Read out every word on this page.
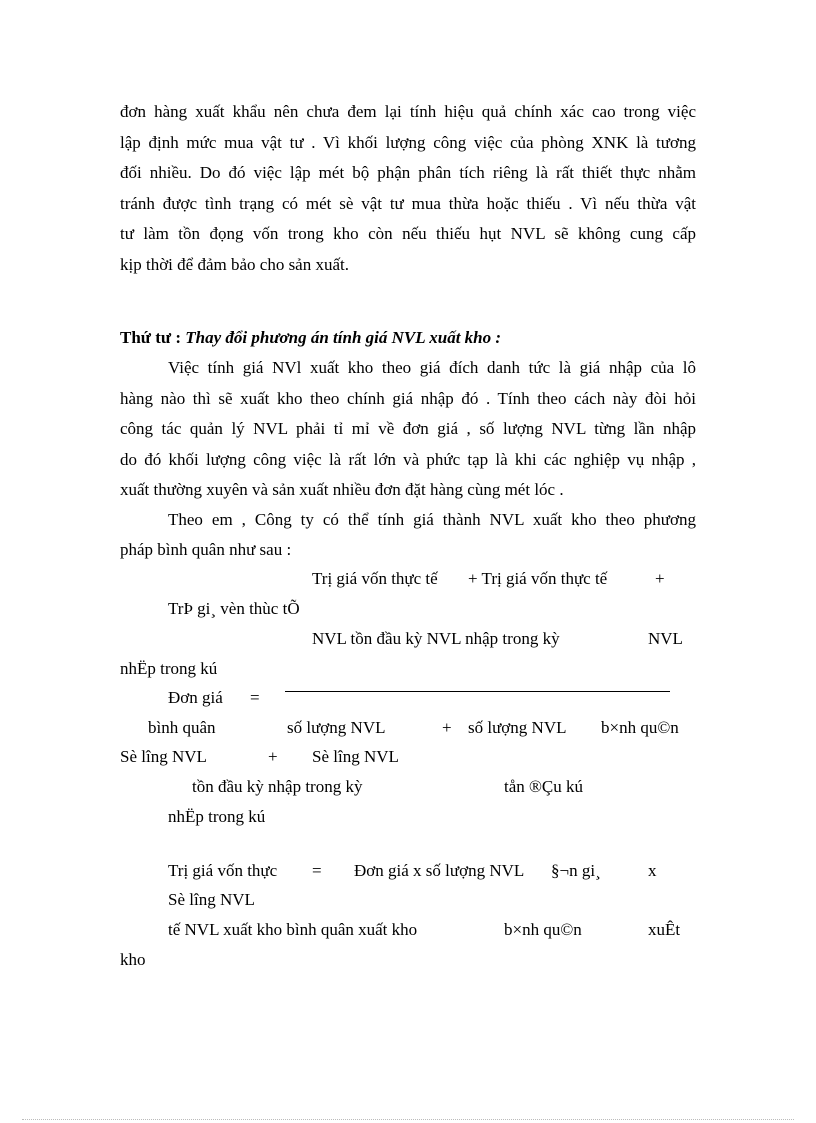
đơn hàng xuất khẩu nên chưa đem lại tính hiệu quả chính xác cao trong việc
lập định mức mua vật tư . Vì khối lượng công việc của phòng XNK là tương
đối nhiều. Do đó việc lập mét bộ phận phân tích riêng là rất thiết thực nhằm
tránh được tình trạng có mét sè vật tư mua thừa hoặc thiếu . Vì nếu thừa vật
tư làm tồn đọng vốn trong kho còn nếu thiếu hụt NVL sẽ không cung cấp
kịp thời để đảm bảo cho sản xuất.
Thứ tư : Thay đổi phương án tính giá NVL xuất kho :
Việc tính giá NVl xuất kho theo giá đích danh tức là giá nhập của lô
hàng nào thì sẽ xuất kho theo chính giá nhập đó . Tính theo cách này đòi hỏi
công tác quản lý NVL phải tỉ mỉ về đơn giá , số lượng NVL từng lần nhập
do đó khối lượng công việc là rất lớn và phức tạp là khi các nghiệp vụ nhập ,
xuất thường xuyên và sản xuất nhiều đơn đặt hàng cùng mét lóc .
Theo em , Công ty có thể tính giá thành NVL xuất kho theo phương
pháp bình quân như sau :
Trị giá vốn thực tế + Trị giá vốn thực tế	+
TrÞ gi¸ vèn thùc tÕ
NVL tồn đầu kỳ NVL nhập trong kỳ	NVL
nhËp trong kú
Đơn giá =
bình quân	số lượng NVL	+ số lượng NVL b×nh qu©n
Sè lîng NVL	+ Sè lîng NVL
tồn đầu kỳ nhập trong kỳ	tån ®Çu kú
nhËp trong kú
Trị giá vốn thực = Đơn giá x số lượng NVL §¬n gi¸	x
Sè lîng NVL
tế NVL xuất kho bình quân xuất kho	b×nh qu©n	xuÊt
kho
